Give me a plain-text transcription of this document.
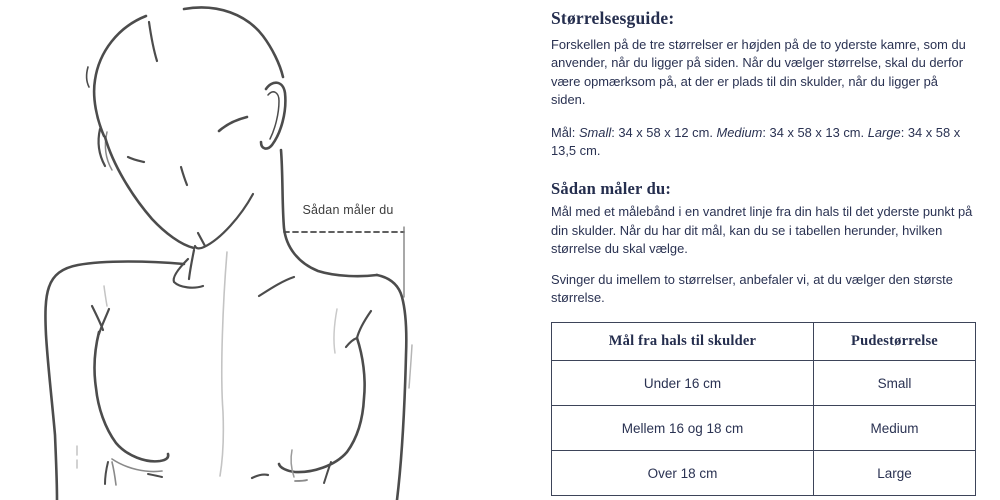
Sådan måler du
Størrelsesguide:

Forskellen på de tre størrelser er højden på de to yderste kamre, som du anvender, når du ligger på siden. Når du vælger størrelse, skal du derfor være opmærksom på, at der er plads til din skulder, når du ligger på siden.

Mål: Small: 34 x 58 x 12 cm. Medium: 34 x 58 x 13 cm. Large: 34 x 58 x 13,5 cm.

Sådan måler du:

Mål med et målebånd i en vandret linje fra din hals til det yderste punkt på din skulder. Når du har dit mål, kan du se i tabellen herunder, hvilken størrelse du skal vælge.

Svinger du imellem to størrelser, anbefaler vi, at du vælger den største størrelse.

Mål fra hals til skulder	Pudestørrelse
Under 16 cm	Small
Mellem 16 og 18 cm	Medium
Over 18 cm	Large
